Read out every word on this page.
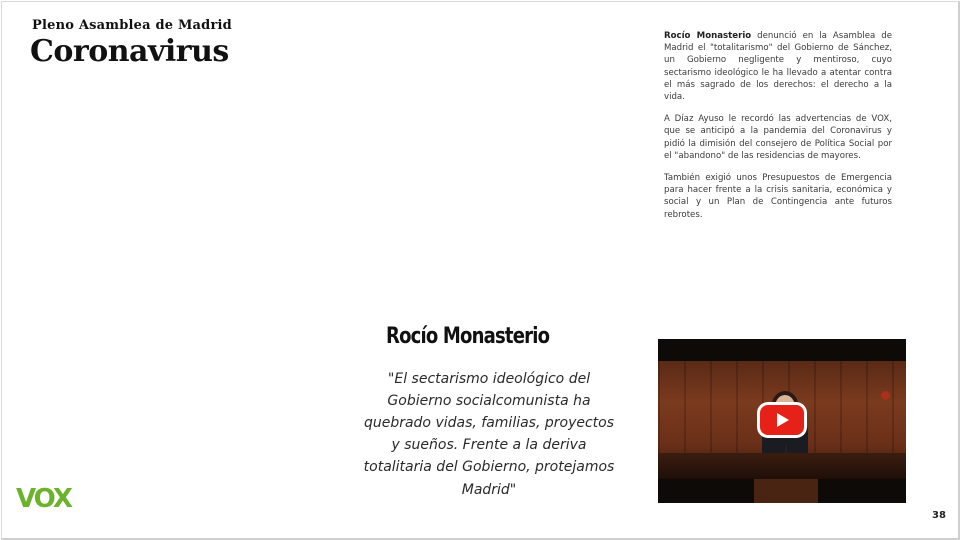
Pleno Asamblea de Madrid
Coronavirus	Rocío Monasterio denunció en la Asamblea de Madrid el "totalitarismo" del Gobierno de Sánchez, un Gobierno negligente y mentiroso, cuyo sectarismo ideológico le ha llevado a atentar contra el más sagrado de los derechos: el derecho a la vida.

A Díaz Ayuso le recordó las advertencias de VOX, que se anticipó a la pandemia del Coronavirus y pidió la dimisión del consejero de Política Social por el "abandono" de las residencias de mayores.

También exigió unos Presupuestos de Emergencia para hacer frente a la crisis sanitaria, económica y social y un Plan de Contingencia ante futuros rebrotes.

Rocío Monasterio
"El sectarismo ideológico del Gobierno socialcomunista ha quebrado vidas, familias, proyectos y sueños. Frente a la deriva totalitaria del Gobierno, protejamos Madrid"
VOX
38
